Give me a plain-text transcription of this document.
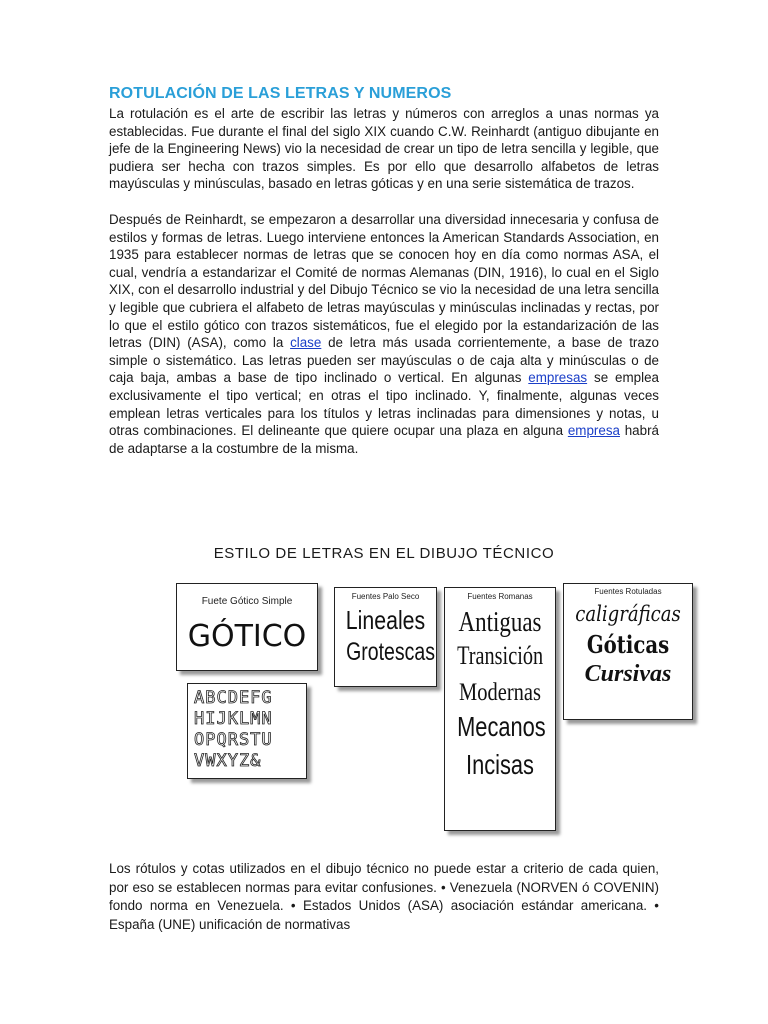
ROTULACIÓN DE LAS LETRAS Y NUMEROS

La rotulación es el arte de escribir las letras y números con arreglos a unas normas ya establecidas. Fue durante el final del siglo XIX cuando C.W. Reinhardt (antiguo dibujante en jefe de la Engineering News) vio la necesidad de crear un tipo de letra sencilla y legible, que pudiera ser hecha con trazos simples. Es por ello que desarrollo alfabetos de letras mayúsculas y minúsculas, basado en letras góticas y en una serie sistemática de trazos.

Después de Reinhardt, se empezaron a desarrollar una diversidad innecesaria y confusa de estilos y formas de letras. Luego interviene entonces la American Standards Association, en 1935 para establecer normas de letras que se conocen hoy en día como normas ASA, el cual, vendría a estandarizar el Comité de normas Alemanas (DIN, 1916), lo cual en el Siglo XIX, con el desarrollo industrial y del Dibujo Técnico se vio la necesidad de una letra sencilla y legible que cubriera el alfabeto de letras mayúsculas y minúsculas inclinadas y rectas, por lo que el estilo gótico con trazos sistemáticos, fue el elegido por la estandarización de las letras (DIN) (ASA), como la clase de letra más usada corrientemente, a base de trazo simple o sistemático. Las letras pueden ser mayúsculas o de caja alta y minúsculas o de caja baja, ambas a base de tipo inclinado o vertical. En algunas empresas se emplea exclusivamente el tipo vertical; en otras el tipo inclinado. Y, finalmente, algunas veces emplean letras verticales para los títulos y letras inclinadas para dimensiones y notas, u otras combinaciones. El delineante que quiere ocupar una plaza en alguna empresa habrá de adaptarse a la costumbre de la misma.

ESTILO DE LETRAS EN EL DIBUJO TÉCNICO
Fuete Gótico Simple
GÓTICO
ABCDEFG
HIJKLMN
OPQRSTU
VWXYZ&
Fuentes Palo Seco
Lineales
Grotescas
Fuentes Romanas
Antiguas
Transición
Modernas
Mecanos
Incisas
Fuentes Rotuladas
caligráficas
Góticas
Cursivas

Los rótulos y cotas utilizados en el dibujo técnico no puede estar a criterio de cada quien, por eso se establecen normas para evitar confusiones. • Venezuela (NORVEN ó COVENIN) fondo norma en Venezuela. • Estados Unidos (ASA) asociación estándar americana. • España (UNE) unificación de normativas
